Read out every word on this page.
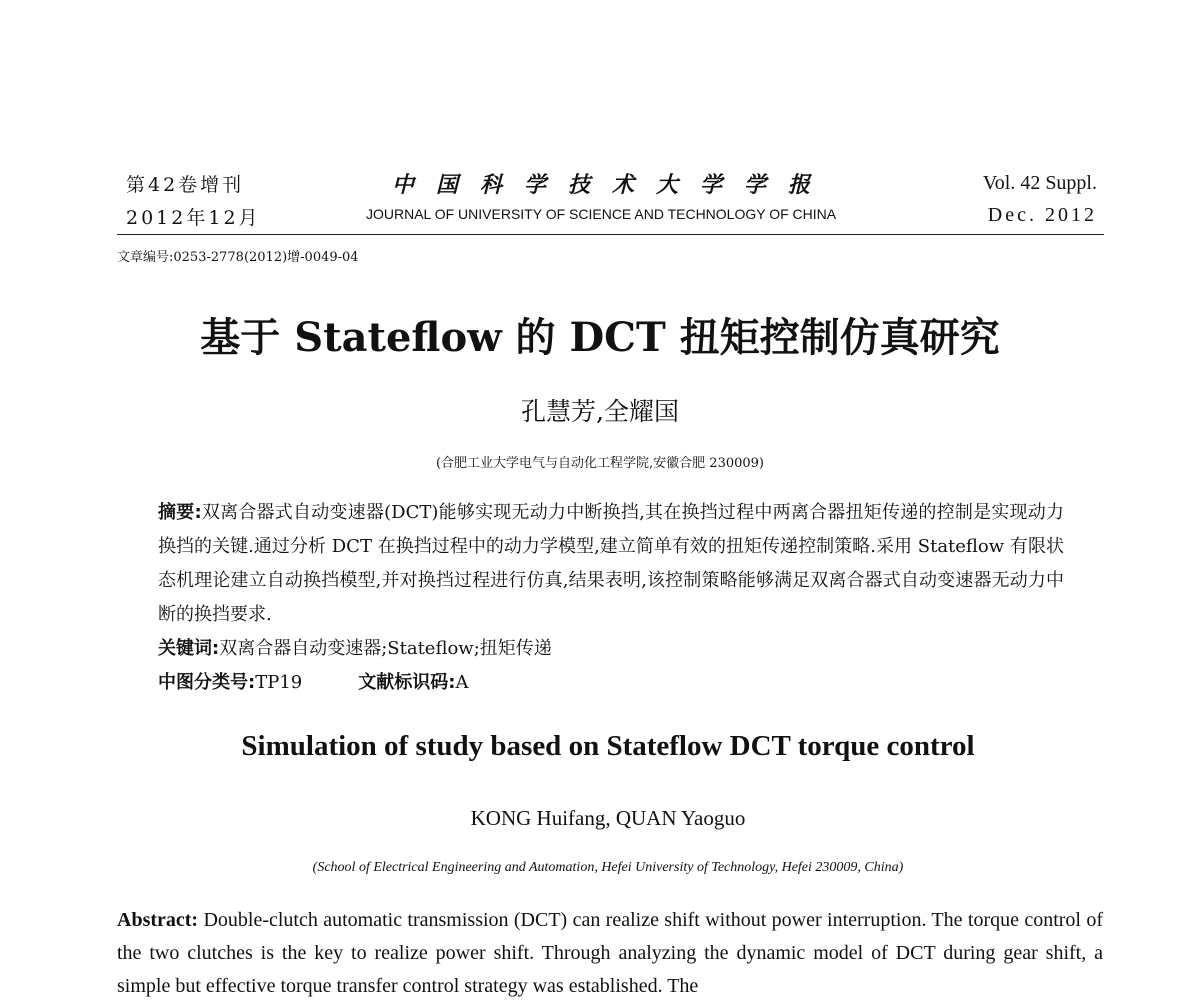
第42卷增刊
2012年12月
中国科学技术大学学报
JOURNAL OF UNIVERSITY OF SCIENCE AND TECHNOLOGY OF CHINA
Vol. 42 Suppl.
Dec. 2012
文章编号:0253-2778(2012)增-0049-04
基于 Stateflow 的 DCT 扭矩控制仿真研究
孔慧芳,全耀国
(合肥工业大学电气与自动化工程学院,安徽合肥 230009)
摘要:双离合器式自动变速器(DCT)能够实现无动力中断换挡,其在换挡过程中两离合器扭矩传递的控制是实现动力换挡的关键.通过分析 DCT 在换挡过程中的动力学模型,建立简单有效的扭矩传递控制策略.采用 Stateflow 有限状态机理论建立自动换挡模型,并对换挡过程进行仿真,结果表明,该控制策略能够满足双离合器式自动变速器无动力中断的换挡要求.
关键词:双离合器自动变速器;Stateflow;扭矩传递
中图分类号:TP19	文献标识码:A
Simulation of study based on Stateflow DCT torque control
KONG Huifang, QUAN Yaoguo
(School of Electrical Engineering and Automation, Hefei University of Technology, Hefei 230009, China)
Abstract: Double-clutch automatic transmission (DCT) can realize shift without power interruption. The torque control of the two clutches is the key to realize power shift. Through analyzing the dynamic model of DCT during gear shift, a simple but effective torque transfer control strategy was established. The
